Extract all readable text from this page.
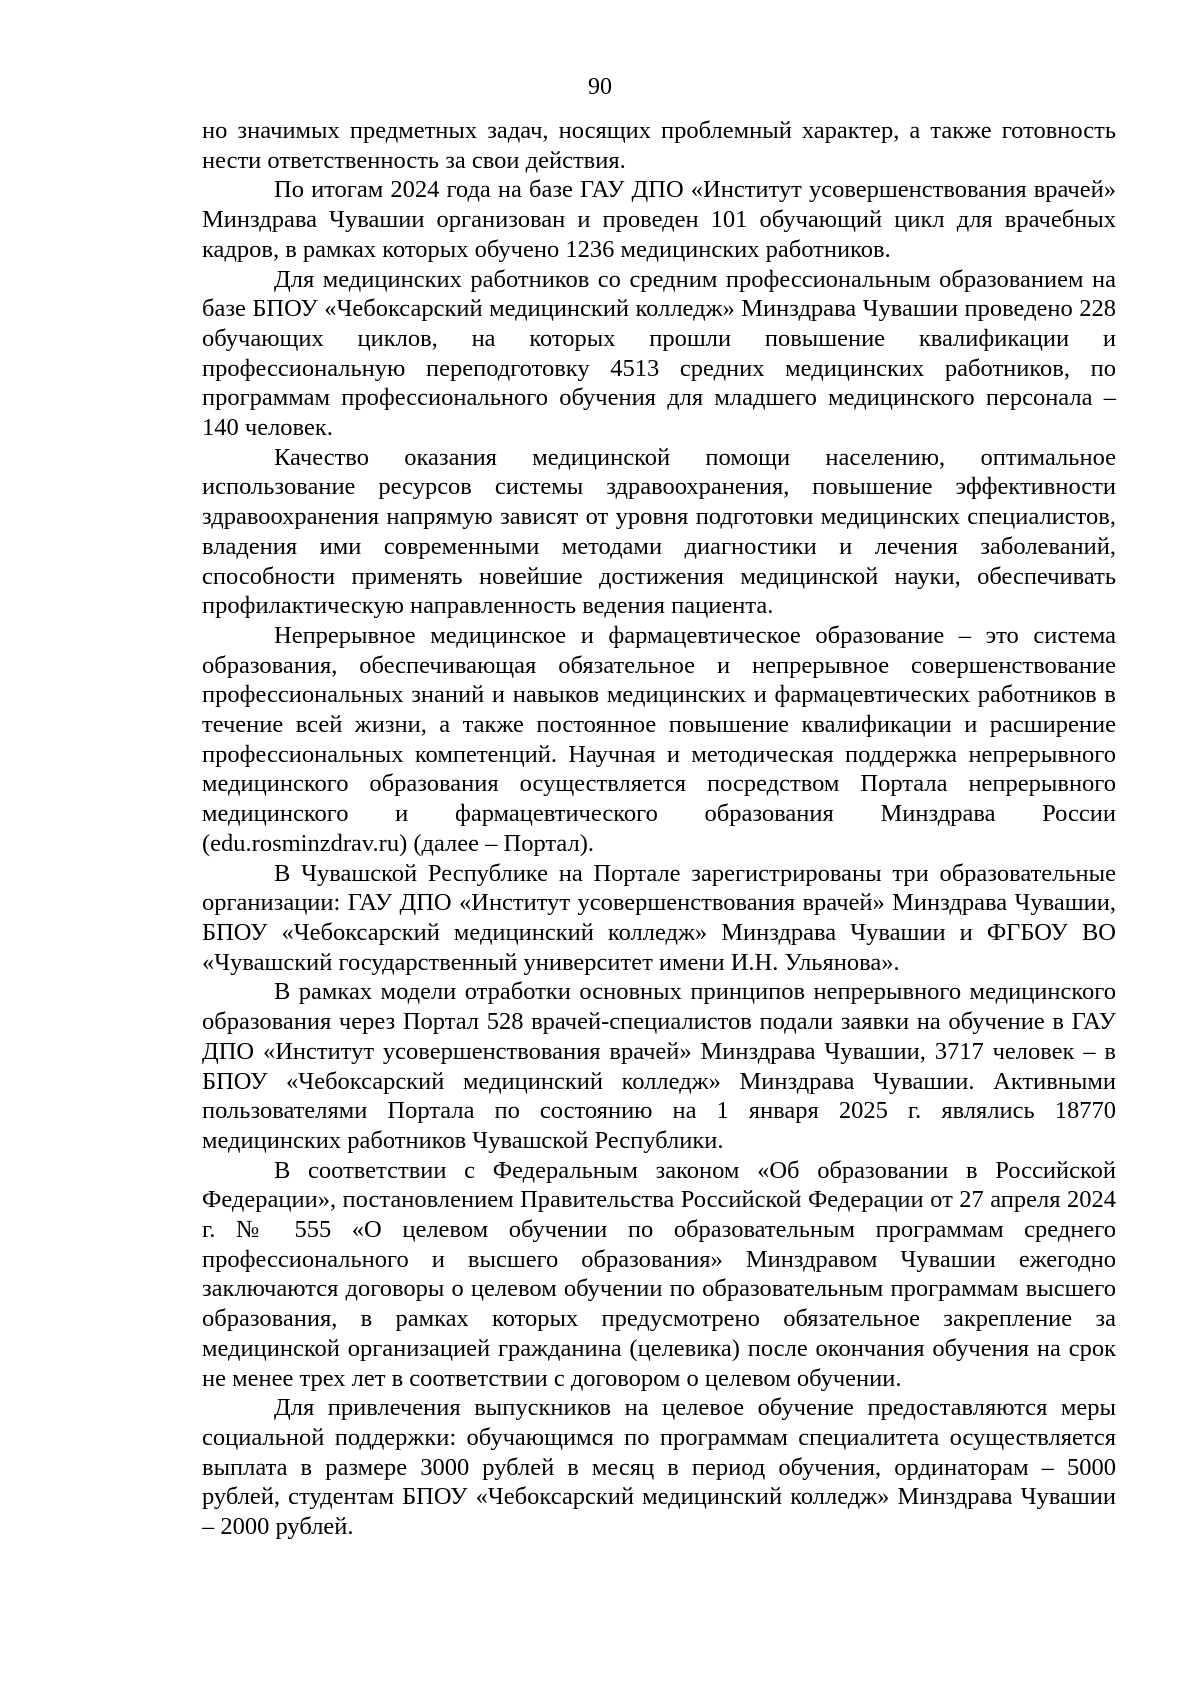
90

но значимых предметных задач, носящих проблемный характер, а также готовность нести ответственность за свои действия.

По итогам 2024 года на базе ГАУ ДПО «Институт усовершенствования врачей» Минздрава Чувашии организован и проведен 101 обучающий цикл для врачебных кадров, в рамках которых обучено 1236 медицинских работников.

Для медицинских работников со средним профессиональным образованием на базе БПОУ «Чебоксарский медицинский колледж» Минздрава Чувашии проведено 228 обучающих циклов, на которых прошли повышение квалификации и профессиональную переподготовку 4513 средних медицинских работников, по программам профессионального обучения для младшего медицинского персонала – 140 человек.

Качество оказания медицинской помощи населению, оптимальное использование ресурсов системы здравоохранения, повышение эффективности здравоохранения напрямую зависят от уровня подготовки медицинских специалистов, владения ими современными методами диагностики и лечения заболеваний, способности применять новейшие достижения медицинской науки, обеспечивать профилактическую направленность ведения пациента.

Непрерывное медицинское и фармацевтическое образование – это система образования, обеспечивающая обязательное и непрерывное совершенствование профессиональных знаний и навыков медицинских и фармацевтических работников в течение всей жизни, а также постоянное повышение квалификации и расширение профессиональных компетенций. Научная и методическая поддержка непрерывного медицинского образования осуществляется посредством Портала непрерывного медицинского и фармацевтического образования Минздрава России (edu.rosminzdrav.ru) (далее – Портал).

В Чувашской Республике на Портале зарегистрированы три образовательные организации: ГАУ ДПО «Институт усовершенствования врачей» Минздрава Чувашии, БПОУ «Чебоксарский медицинский колледж» Минздрава Чувашии и ФГБОУ ВО «Чувашский государственный университет имени И.Н. Ульянова».

В рамках модели отработки основных принципов непрерывного медицинского образования через Портал 528 врачей-специалистов подали заявки на обучение в ГАУ ДПО «Институт усовершенствования врачей» Минздрава Чувашии, 3717 человек – в БПОУ «Чебоксарский медицинский колледж» Минздрава Чувашии. Активными пользователями Портала по состоянию на 1 января 2025 г. являлись 18770 медицинских работников Чувашской Республики.

В соответствии с Федеральным законом «Об образовании в Российской Федерации», постановлением Правительства Российской Федерации от 27 апреля 2024 г. № 555 «О целевом обучении по образовательным программам среднего профессионального и высшего образования» Минздравом Чувашии ежегодно заключаются договоры о целевом обучении по образовательным программам высшего образования, в рамках которых предусмотрено обязательное закрепление за медицинской организацией гражданина (целевика) после окончания обучения на срок не менее трех лет в соответствии с договором о целевом обучении.

Для привлечения выпускников на целевое обучение предоставляются меры социальной поддержки: обучающимся по программам специалитета осуществляется выплата в размере 3000 рублей в месяц в период обучения, ординаторам – 5000 рублей, студентам БПОУ «Чебоксарский медицинский колледж» Минздрава Чувашии – 2000 рублей.
